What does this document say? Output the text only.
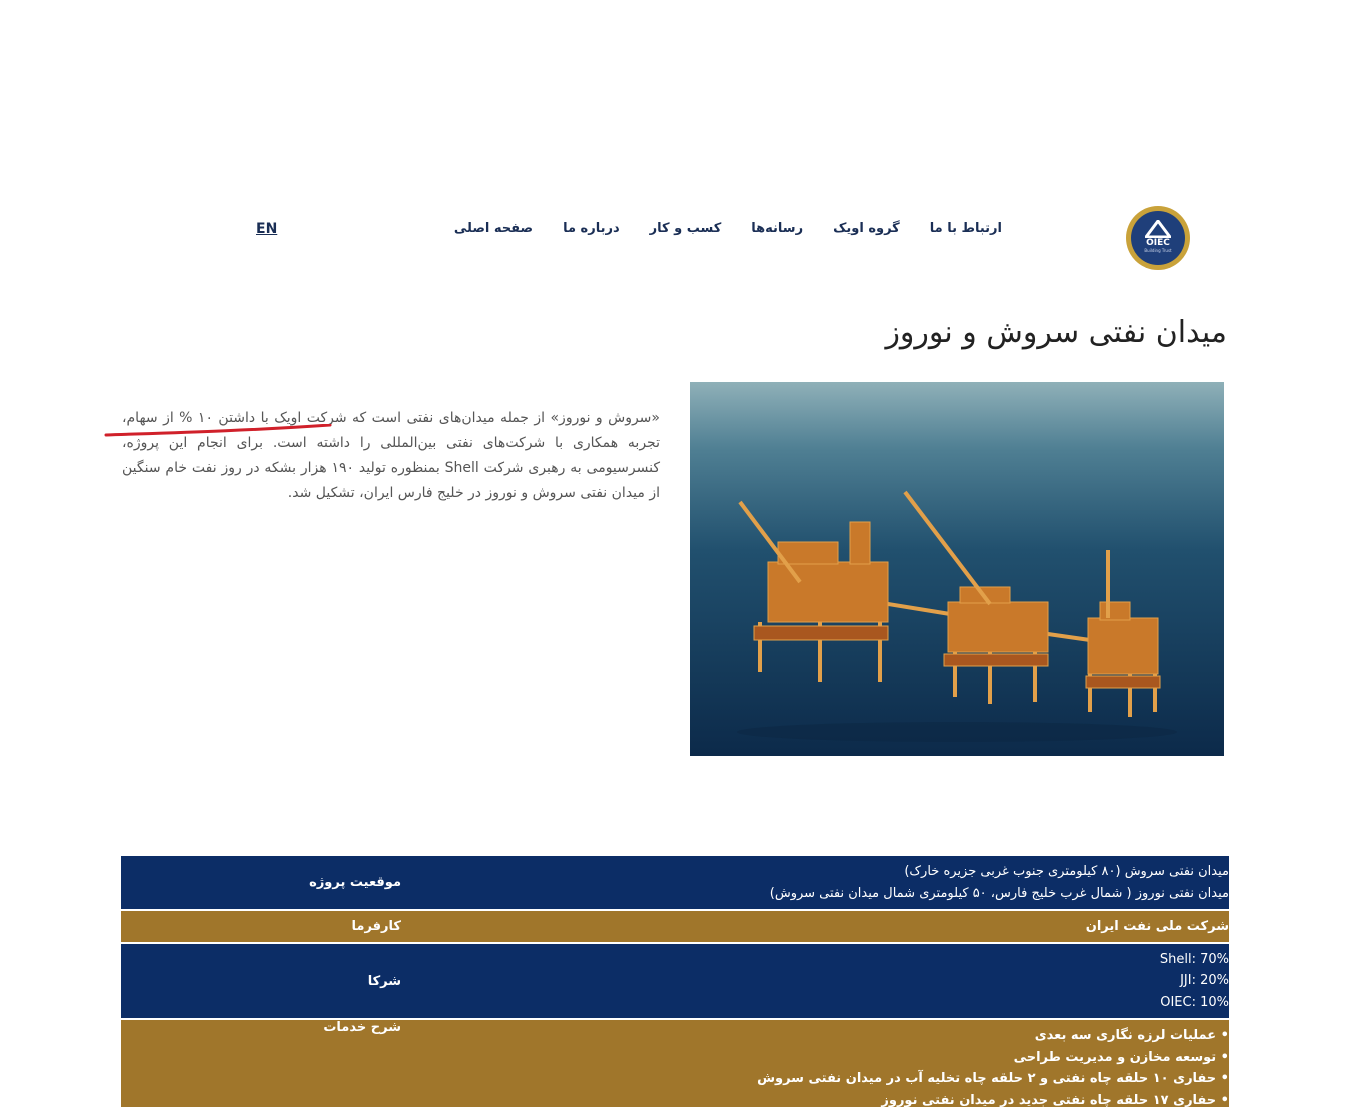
OIEC
Building Trust
صفحه اصلی درباره ما کسب و کار رسانه‌ها گروه اویک ارتباط با ما
EN
میدان نفتی سروش و نوروز

«سروش و نوروز» از جمله میدان‌های نفتی است که شرکت اویک با داشتن ۱۰ % از سهام، تجربه همکاری با شرکت‌های نفتی بین‌المللی را داشته است. برای انجام این پروژه، کنسرسیومی به رهبری شرکت Shell بمنظوره تولید ۱۹۰ هزار بشکه در روز نفت خام سنگین از میدان نفتی سروش و نوروز در خلیج فارس ایران، تشکیل شد.

موقعیت پروژه
میدان نفتی سروش (۸۰ کیلومتری جنوب غربی جزیره خارک)
میدان نفتی نوروز ( شمال غرب خلیج فارس، ۵۰ کیلومتری شمال میدان نفتی سروش)
کارفرما	شرکت ملی نفت ایران
شرکا
Shell: 70%
JJI: 20%
OIEC: 10%
شرح خدمات
• عملیات لرزه نگاری سه بعدی
• توسعه مخازن و مدیریت طراحی
• حفاری ۱۰ حلقه چاه نفتی و ۲ حلقه چاه تخلیه آب در میدان نفتی سروش
• حفاری ۱۷ حلقه چاه نفتی جدید در میدان نفتی نوروز
